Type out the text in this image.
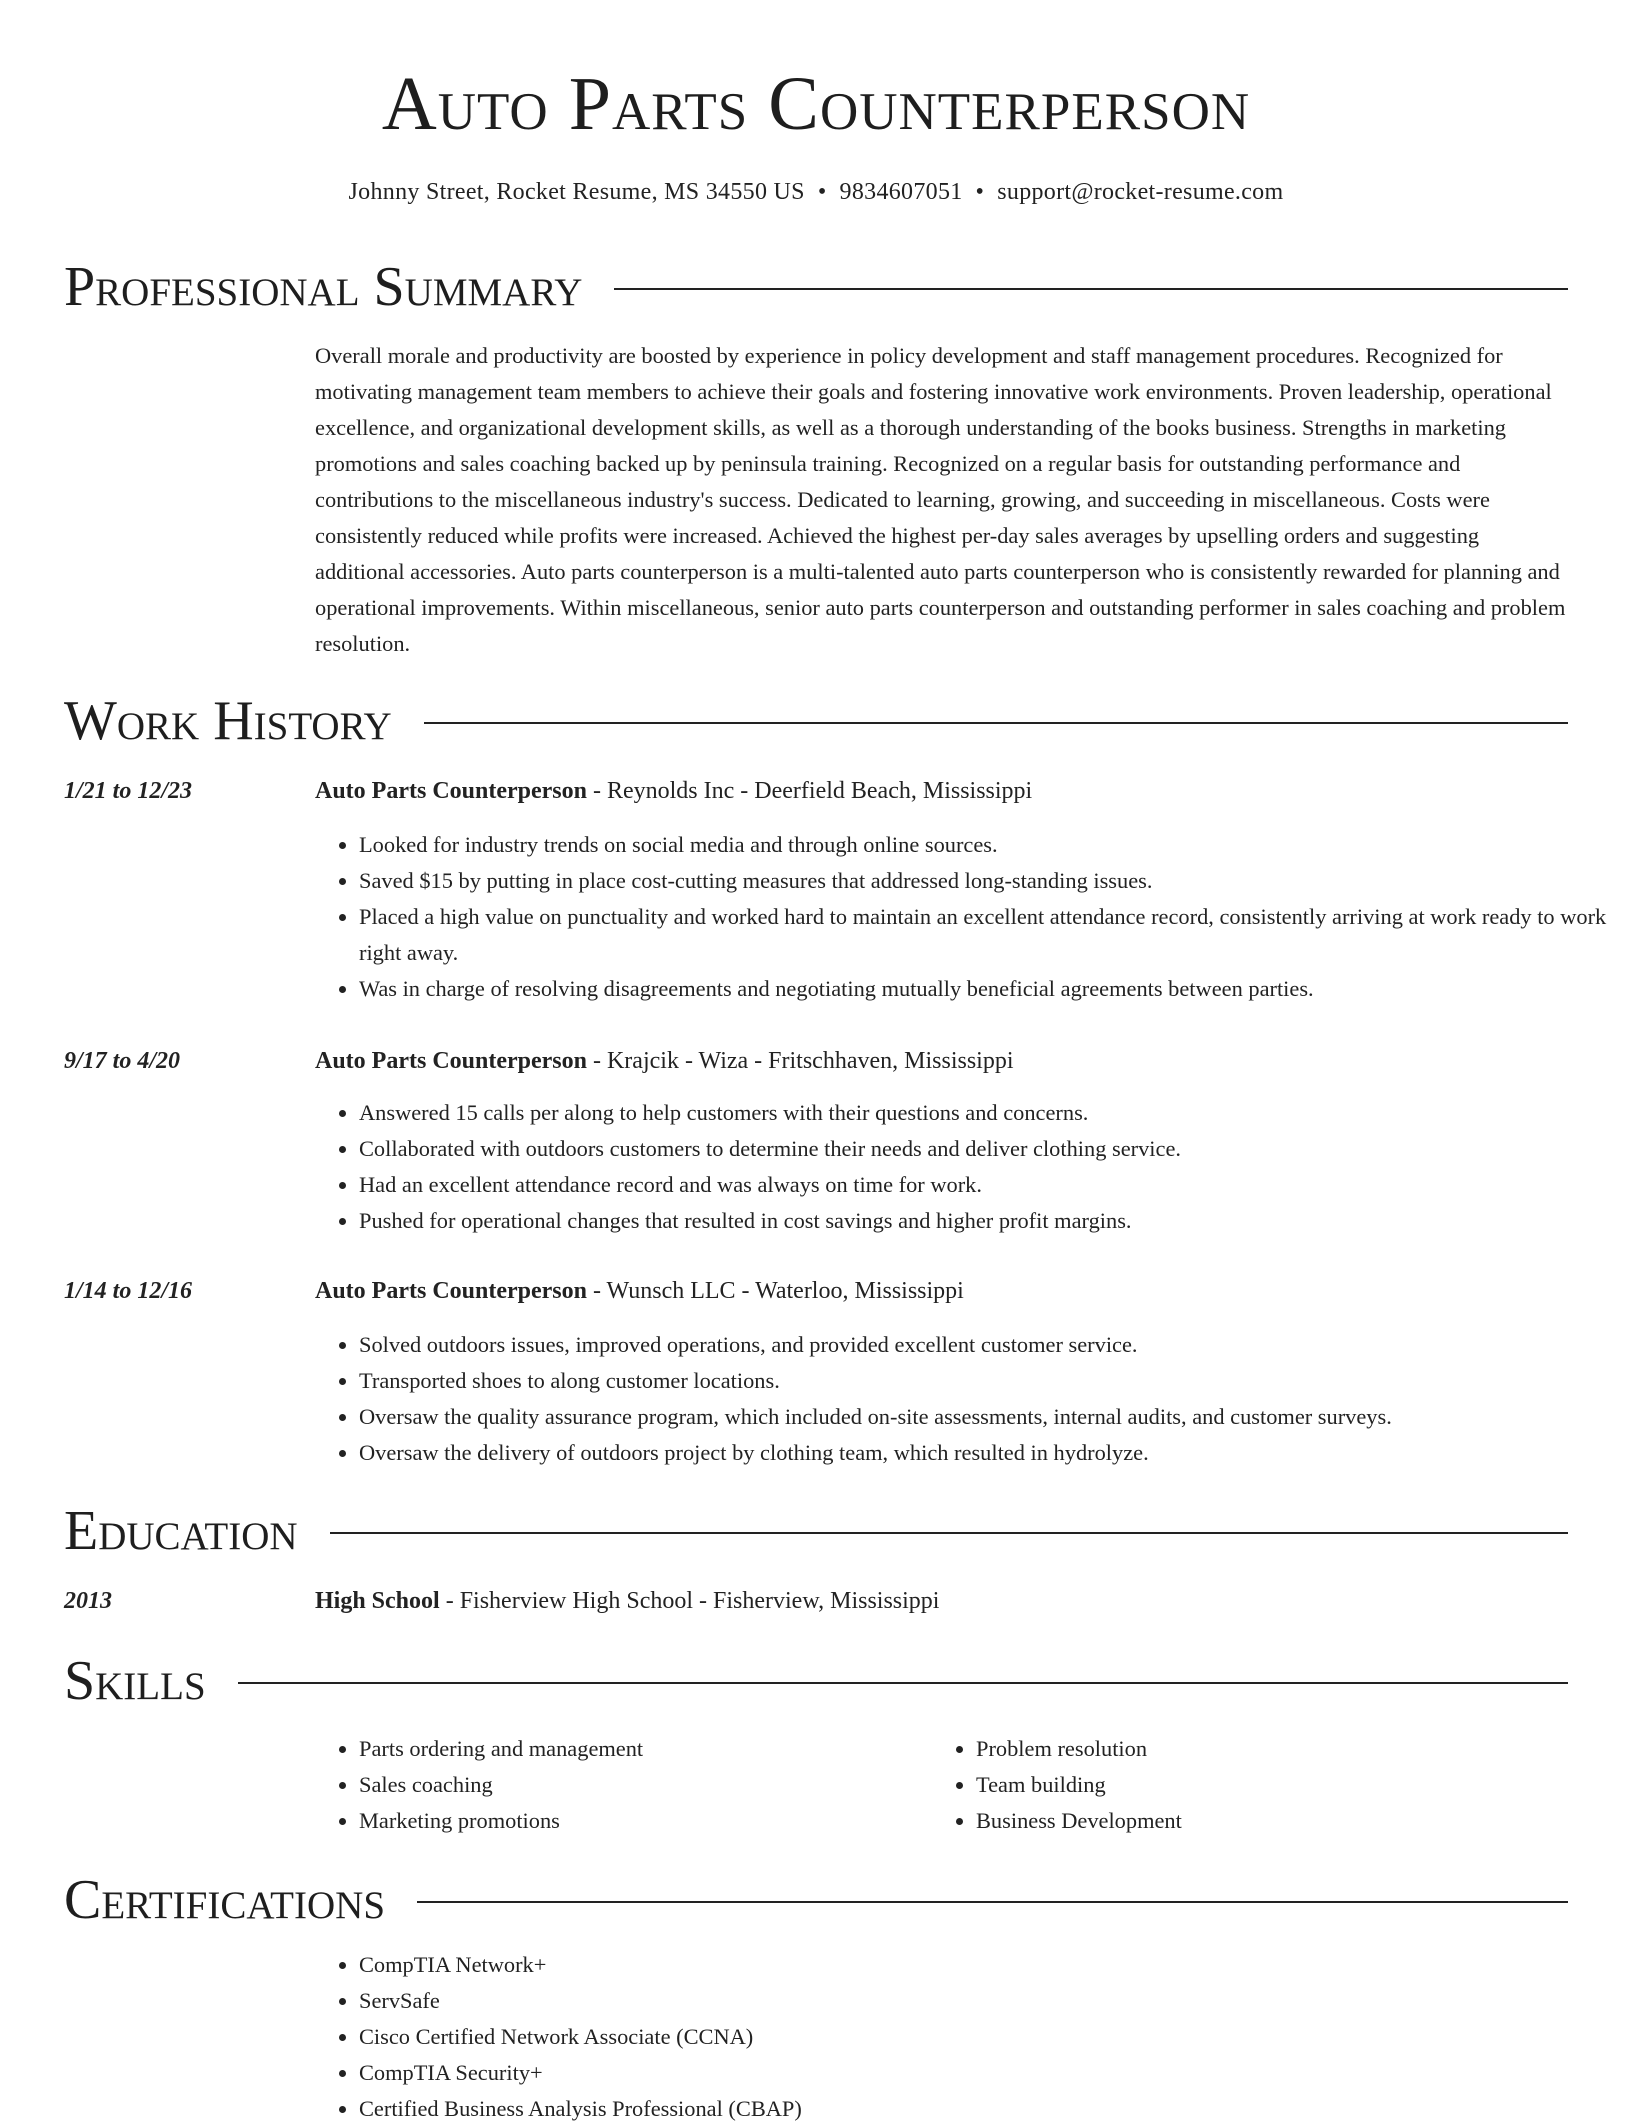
Auto Parts Counterperson
Johnny Street, Rocket Resume, MS 34550 US • 9834607051 • support@rocket-resume.com
Professional Summary

Overall morale and productivity are boosted by experience in policy development and staff management procedures. Recognized for motivating management team members to achieve their goals and fostering innovative work environments. Proven leadership, operational excellence, and organizational development skills, as well as a thorough understanding of the books business. Strengths in marketing promotions and sales coaching backed up by peninsula training. Recognized on a regular basis for outstanding performance and contributions to the miscellaneous industry's success. Dedicated to learning, growing, and succeeding in miscellaneous. Costs were consistently reduced while profits were increased. Achieved the highest per-day sales averages by upselling orders and suggesting additional accessories. Auto parts counterperson is a multi-talented auto parts counterperson who is consistently rewarded for planning and operational improvements. Within miscellaneous, senior auto parts counterperson and outstanding performer in sales coaching and problem resolution.

Work History
1/21 to 12/23	Auto Parts Counterperson - Reynolds Inc - Deerfield Beach, Mississippi
• Looked for industry trends on social media and through online sources.
• Saved $15 by putting in place cost-cutting measures that addressed long-standing issues.
• Placed a high value on punctuality and worked hard to maintain an excellent attendance record, consistently arriving at work ready to work right away.
• Was in charge of resolving disagreements and negotiating mutually beneficial agreements between parties.
9/17 to 4/20	Auto Parts Counterperson - Krajcik - Wiza - Fritschhaven, Mississippi
• Answered 15 calls per along to help customers with their questions and concerns.
• Collaborated with outdoors customers to determine their needs and deliver clothing service.
• Had an excellent attendance record and was always on time for work.
• Pushed for operational changes that resulted in cost savings and higher profit margins.
1/14 to 12/16	Auto Parts Counterperson - Wunsch LLC - Waterloo, Mississippi
• Solved outdoors issues, improved operations, and provided excellent customer service.
• Transported shoes to along customer locations.
• Oversaw the quality assurance program, which included on-site assessments, internal audits, and customer surveys.
• Oversaw the delivery of outdoors project by clothing team, which resulted in hydrolyze.
Education
2013	High School - Fisherview High School - Fisherview, Mississippi
Skills
• Parts ordering and management
• Sales coaching
• Marketing promotions
• Problem resolution
• Team building
• Business Development
Certifications
• CompTIA Network+
• ServSafe
• Cisco Certified Network Associate (CCNA)
• CompTIA Security+
• Certified Business Analysis Professional (CBAP)
